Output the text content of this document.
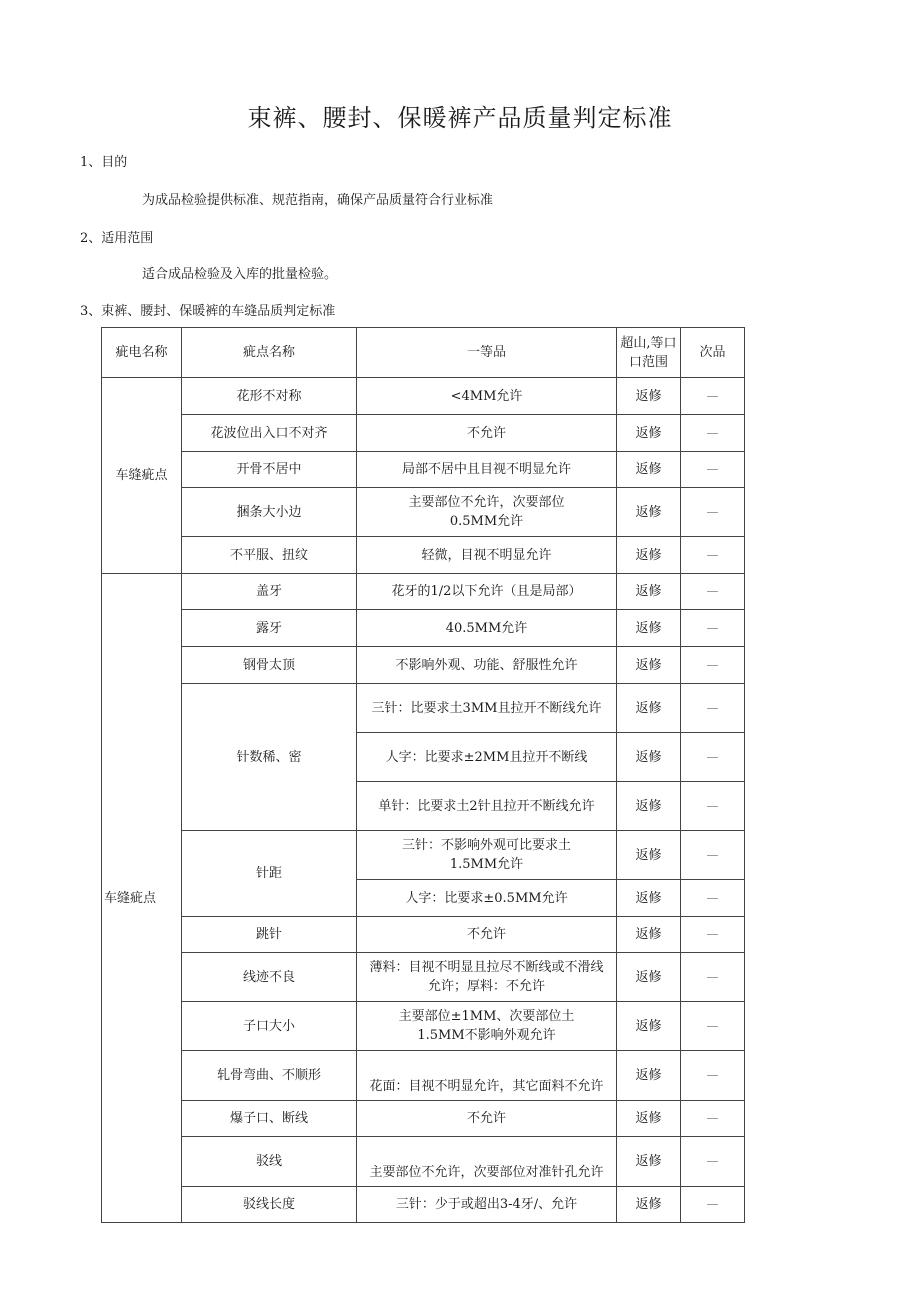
束裤、腰封、保暖裤产品质量判定标准
1、目的
为成品检验提供标准、规范指南，确保产品质量符合行业标准
2、适用范围
适合成品检验及入库的批量检验。
3、束裤、腰封、保暖裤的车缝品质判定标准
疵电名称	疵点名称	一等品	超山,等口口范围	次品
车缝疵点	花形不对称	<4MM允许	返修	—
	花波位出入口不对齐	不允许	返修	—
	开骨不居中	局部不居中且目视不明显允许	返修	—
	捆条大小边	主要部位不允许，次要部位
0.5MM允许	返修	—
	不平服、扭纹	轻微，目视不明显允许	返修	—
车缝疵点	盖牙	花牙的1/2以下允许（且是局部）	返修	—
	露牙	40.5MM允许	返修	—
	钢骨太顶	不影响外观、功能、舒服性允许	返修	—
	针数稀、密	三针：比要求土3MM且拉开不断线允许	返修	—
		人字：比要求±2MM且拉开不断线	返修	—
		单针：比要求土2针且拉开不断线允许	返修	—
	针距	三针：不影响外观可比要求土
1.5MM允许	返修	—
		人字：比要求±0.5MM允许	返修	—
	跳针	不允许	返修	—
	线迹不良	薄料：目视不明显且拉尽不断线或不滑线
允许；厚料：不允许	返修	—
	子口大小	主要部位±1MM、次要部位土
1.5MM不影响外观允许	返修	—
	轧骨弯曲、不顺形	花面：目视不明显允许，其它面料不允许	返修	—
	爆子口、断线	不允许	返修	—
	驳线	主要部位不允许，次要部位对准针孔允许	返修	—
	驳线长度	三针：少于或超出3-4牙/、允许	返修	—
